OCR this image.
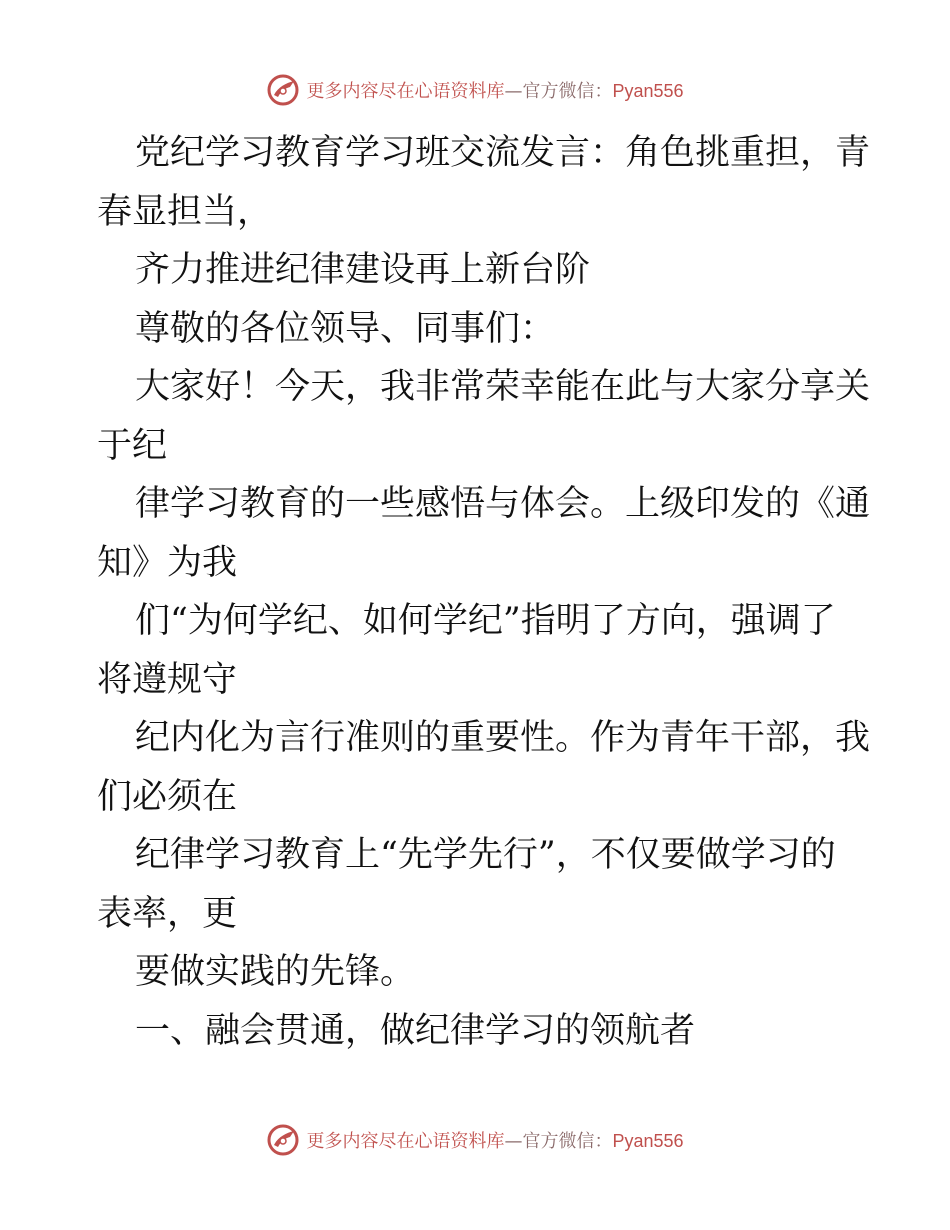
更多内容尽在心语资料库—官方微信：Pyan556
党纪学习教育学习班交流发言：角色挑重担，青
春显担当，
齐力推进纪律建设再上新台阶
尊敬的各位领导、同事们：
大家好！今天，我非常荣幸能在此与大家分享关
于纪
律学习教育的一些感悟与体会。上级印发的《通
知》为我
们“为何学纪、如何学纪”指明了方向，强调了
将遵规守
纪内化为言行准则的重要性。作为青年干部，我
们必须在
纪律学习教育上“先学先行”，不仅要做学习的
表率，更
要做实践的先锋。
一、融会贯通，做纪律学习的领航者
更多内容尽在心语资料库—官方微信：Pyan556
